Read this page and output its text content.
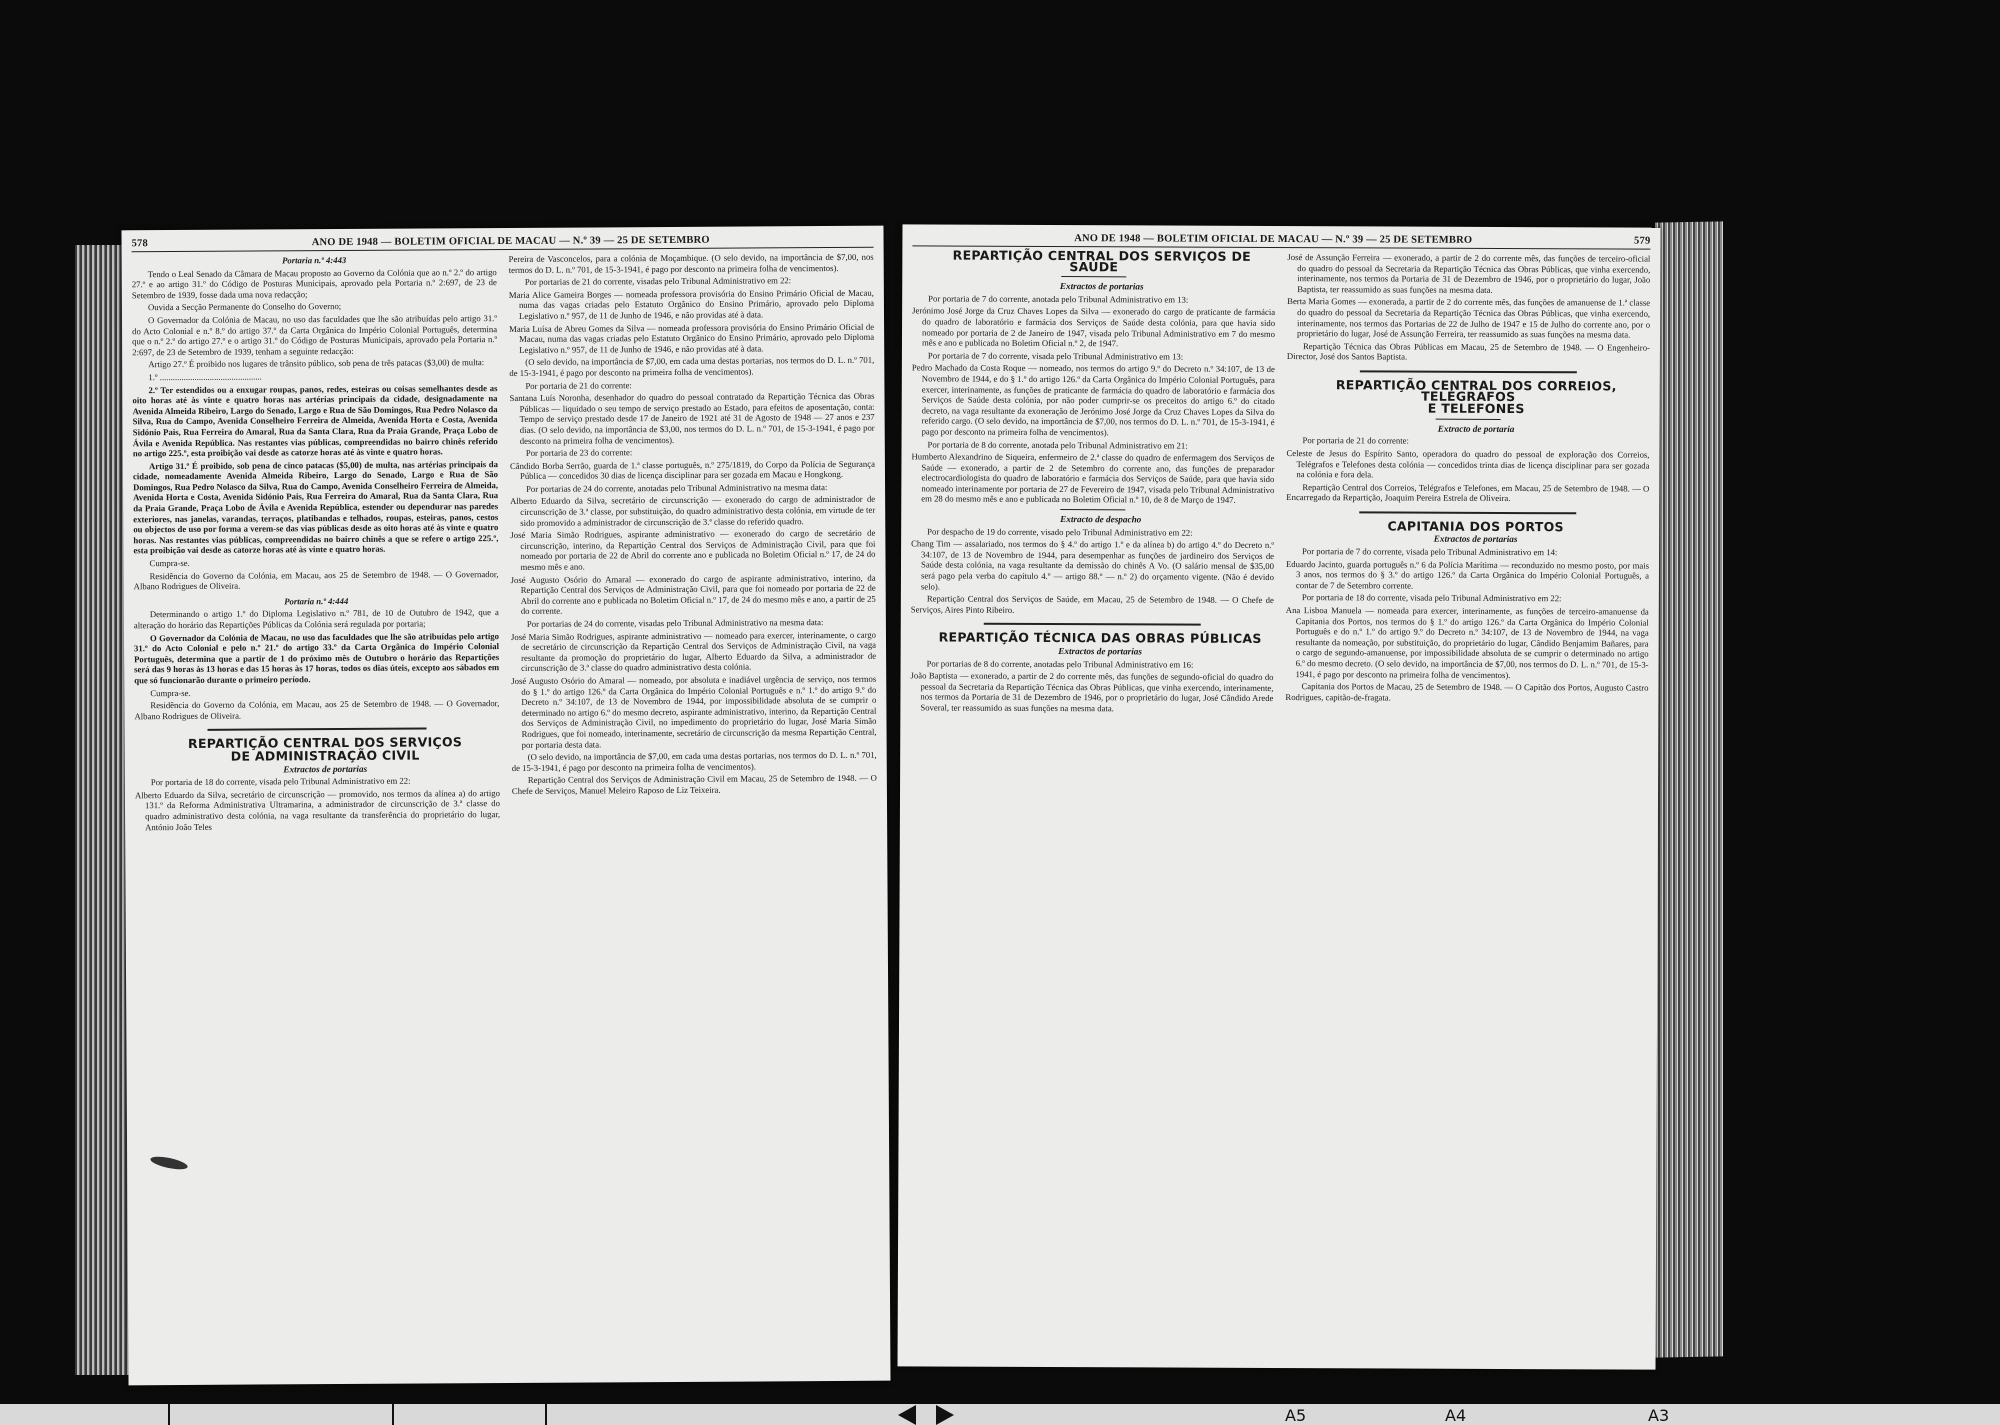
578	ANO DE 1948 — BOLETIM OFICIAL DE MACAU — N.º 39 — 25 DE SETEMBRO

Portaria n.º 4:443

Tendo o Leal Senado da Câmara de Macau proposto ao Governo da Colónia que ao n.º 2.º do artigo 27.º e ao artigo 31.º do Código de Posturas Municipais, aprovado pela Portaria n.º 2:697, de 23 de Setembro de 1939, fosse dada uma nova redacção;

Ouvida a Secção Permanente do Conselho do Governo;

O Governador da Colónia de Macau, no uso das faculdades que lhe são atribuídas pelo artigo 31.º do Acto Colonial e n.º 8.º do artigo 37.º da Carta Orgânica do Império Colonial Português, determina que o n.º 2.º do artigo 27.º e o artigo 31.º do Código de Posturas Municipais, aprovado pela Portaria n.º 2:697, de 23 de Setembro de 1939, tenham a seguinte redacção:

Artigo 27.º É proibido nos lugares de trânsito público, sob pena de três patacas ($3,00) de multa:

1.º ...............................................

2.º Ter estendidos ou a enxugar roupas, panos, redes, esteiras ou coisas semelhantes desde as oito horas até às vinte e quatro horas nas artérias principais da cidade, designadamente na Avenida Almeida Ribeiro, Largo do Senado, Largo e Rua de São Domingos, Rua Pedro Nolasco da Silva, Rua do Campo, Avenida Conselheiro Ferreira de Almeida, Avenida Horta e Costa, Avenida Sidónio Pais, Rua Ferreira do Amaral, Rua da Santa Clara, Rua da Praia Grande, Praça Lobo de Ávila e Avenida República. Nas restantes vias públicas, compreendidas no bairro chinês referido no artigo 225.º, esta proibição vai desde as catorze horas até às vinte e quatro horas.

Artigo 31.º É proibido, sob pena de cinco patacas ($5,00) de multa, nas artérias principais da cidade, nomeadamente Avenida Almeida Ribeiro, Largo do Senado, Largo e Rua de São Domingos, Rua Pedro Nolasco da Silva, Rua do Campo, Avenida Conselheiro Ferreira de Almeida, Avenida Horta e Costa, Avenida Sidónio Pais, Rua Ferreira do Amaral, Rua da Santa Clara, Rua da Praia Grande, Praça Lobo de Ávila e Avenida República, estender ou dependurar nas paredes exteriores, nas janelas, varandas, terraços, platibandas e telhados, roupas, esteiras, panos, cestos ou objectos de uso por forma a verem-se das vias públicas desde as oito horas até às vinte e quatro horas. Nas restantes vias públicas, compreendidas no bairro chinês a que se refere o artigo 225.º, esta proibição vai desde as catorze horas até às vinte e quatro horas.

Cumpra-se.

Residência do Governo da Colónia, em Macau, aos 25 de Setembro de 1948. — O Governador, Albano Rodrigues de Oliveira.

Portaria n.º 4:444

Determinando o artigo 1.º do Diploma Legislativo n.º 781, de 10 de Outubro de 1942, que a alteração do horário das Repartições Públicas da Colónia será regulada por portaria;

O Governador da Colónia de Macau, no uso das faculdades que lhe são atribuídas pelo artigo 31.º do Acto Colonial e pelo n.º 21.º do artigo 33.º da Carta Orgânica do Império Colonial Português, determina que a partir de 1 do próximo mês de Outubro o horário das Repartições será das 9 horas às 13 horas e das 15 horas às 17 horas, todos os dias úteis, excepto aos sábados em que só funcionarão durante o primeiro período.

Cumpra-se.

Residência do Governo da Colónia, em Macau, aos 25 de Setembro de 1948. — O Governador, Albano Rodrigues de Oliveira.

REPARTIÇÃO CENTRAL DOS SERVIÇOS

DE ADMINISTRAÇÃO CIVIL

Extractos de portarias

Por portaria de 18 do corrente, visada pelo Tribunal Administrativo em 22:

Alberto Eduardo da Silva, secretário de circunscrição — promovido, nos termos da alínea a) do artigo 131.º da Reforma Administrativa Ultramarina, a administrador de circunscrição de 3.ª classe do quadro administrativo desta colónia, na vaga resultante da transferência do proprietário do lugar, António João Teles

Pereira de Vasconcelos, para a colónia de Moçambique. (O selo devido, na importância de $7,00, nos termos do D. L. n.º 701, de 15-3-1941, é pago por desconto na primeira folha de vencimentos).

Por portarias de 21 do corrente, visadas pelo Tribunal Administrativo em 22:

Maria Alice Gameira Borges — nomeada professora provisória do Ensino Primário Oficial de Macau, numa das vagas criadas pelo Estatuto Orgânico do Ensino Primário, aprovado pelo Diploma Legislativo n.º 957, de 11 de Junho de 1946, e não providas até à data.

Maria Luísa de Abreu Gomes da Silva — nomeada professora provisória do Ensino Primário Oficial de Macau, numa das vagas criadas pelo Estatuto Orgânico do Ensino Primário, aprovado pelo Diploma Legislativo n.º 957, de 11 de Junho de 1946, e não providas até à data.

(O selo devido, na importância de $7,00, em cada uma destas portarias, nos termos do D. L. n.º 701, de 15-3-1941, é pago por desconto na primeira folha de vencimentos).

Por portaria de 21 do corrente:

Santana Luís Noronha, desenhador do quadro do pessoal contratado da Repartição Técnica das Obras Públicas — liquidado o seu tempo de serviço prestado ao Estado, para efeitos de aposentação, conta: Tempo de serviço prestado desde 17 de Janeiro de 1921 até 31 de Agosto de 1948 — 27 anos e 237 dias. (O selo devido, na importância de $3,00, nos termos do D. L. n.º 701, de 15-3-1941, é pago por desconto na primeira folha de vencimentos).

Por portaria de 23 do corrente:

Cândido Borba Serrão, guarda de 1.ª classe português, n.º 275/1819, do Corpo da Polícia de Segurança Pública — concedidos 30 dias de licença disciplinar para ser gozada em Macau e Hongkong.

Por portarias de 24 do corrente, anotadas pelo Tribunal Administrativo na mesma data:

Alberto Eduardo da Silva, secretário de circunscrição — exonerado do cargo de administrador de circunscrição de 3.ª classe, por substituição, do quadro administrativo desta colónia, em virtude de ter sido promovido a administrador de circunscrição de 3.ª classe do referido quadro.

José Maria Simão Rodrigues, aspirante administrativo — exonerado do cargo de secretário de circunscrição, interino, da Repartição Central dos Serviços de Administração Civil, para que foi nomeado por portaria de 22 de Abril do corrente ano e publicada no Boletim Oficial n.º 17, de 24 do mesmo mês e ano.

José Augusto Osório do Amaral — exonerado do cargo de aspirante administrativo, interino, da Repartição Central dos Serviços de Administração Civil, para que foi nomeado por portaria de 22 de Abril do corrente ano e publicada no Boletim Oficial n.º 17, de 24 do mesmo mês e ano, a partir de 25 do corrente.

Por portarias de 24 do corrente, visadas pelo Tribunal Administrativo na mesma data:

José Maria Simão Rodrigues, aspirante administrativo — nomeado para exercer, interinamente, o cargo de secretário de circunscrição da Repartição Central dos Serviços de Administração Civil, na vaga resultante da promoção do proprietário do lugar, Alberto Eduardo da Silva, a administrador de circunscrição de 3.ª classe do quadro administrativo desta colónia.

José Augusto Osório do Amaral — nomeado, por absoluta e inadiável urgência de serviço, nos termos do § 1.º do artigo 126.º da Carta Orgânica do Império Colonial Português e n.º 1.º do artigo 9.º do Decreto n.º 34:107, de 13 de Novembro de 1944, por impossibilidade absoluta de se cumprir o determinado no artigo 6.º do mesmo decreto, aspirante administrativo, interino, da Repartição Central dos Serviços de Administração Civil, no impedimento do proprietário do lugar, José Maria Simão Rodrigues, que foi nomeado, interinamente, secretário de circunscrição da mesma Repartição Central, por portaria desta data.

(O selo devido, na importância de $7,00, em cada uma destas portarias, nos termos do D. L. n.º 701, de 15-3-1941, é pago por desconto na primeira folha de vencimentos).

Repartição Central dos Serviços de Administração Civil em Macau, 25 de Setembro de 1948. — O Chefe de Serviços, Manuel Meleiro Raposo de Liz Teixeira.

ANO DE 1948 — BOLETIM OFICIAL DE MACAU — N.º 39 — 25 DE SETEMBRO	579

REPARTIÇÃO CENTRAL DOS SERVIÇOS DE SAÚDE

Extractos de portarias

Por portaria de 7 do corrente, anotada pelo Tribunal Administrativo em 13:

Jerónimo José Jorge da Cruz Chaves Lopes da Silva — exonerado do cargo de praticante de farmácia do quadro de laboratório e farmácia dos Serviços de Saúde desta colónia, para que havia sido nomeado por portaria de 2 de Janeiro de 1947, visada pelo Tribunal Administrativo em 7 do mesmo mês e ano e publicada no Boletim Oficial n.º 2, de 1947.

Por portaria de 7 do corrente, visada pelo Tribunal Administrativo em 13:

Pedro Machado da Costa Roque — nomeado, nos termos do artigo 9.º do Decreto n.º 34:107, de 13 de Novembro de 1944, e do § 1.º do artigo 126.º da Carta Orgânica do Império Colonial Português, para exercer, interinamente, as funções de praticante de farmácia do quadro de laboratório e farmácia dos Serviços de Saúde desta colónia, por não poder cumprir-se os preceitos do artigo 6.º do citado decreto, na vaga resultante da exoneração de Jerónimo José Jorge da Cruz Chaves Lopes da Silva do referido cargo. (O selo devido, na importância de $7,00, nos termos do D. L. n.º 701, de 15-3-1941, é pago por desconto na primeira folha de vencimentos).

Por portaria de 8 do corrente, anotada pelo Tribunal Administrativo em 21:

Humberto Alexandrino de Siqueira, enfermeiro de 2.ª classe do quadro de enfermagem dos Serviços de Saúde — exonerado, a partir de 2 de Setembro do corrente ano, das funções de preparador electrocardiologista do quadro de laboratório e farmácia dos Serviços de Saúde, para que havia sido nomeado interinamente por portaria de 27 de Fevereiro de 1947, visada pelo Tribunal Administrativo em 28 do mesmo mês e ano e publicada no Boletim Oficial n.º 10, de 8 de Março de 1947.

Extracto de despacho

Por despacho de 19 do corrente, visado pelo Tribunal Administrativo em 22:

Chang Tim — assalariado, nos termos do § 4.º do artigo 1.º e da alínea b) do artigo 4.º do Decreto n.º 34:107, de 13 de Novembro de 1944, para desempenhar as funções de jardineiro dos Serviços de Saúde desta colónia, na vaga resultante da demissão do chinês A Vo. (O salário mensal de $35,00 será pago pela verba do capítulo 4.º — artigo 88.º — n.º 2) do orçamento vigente. (Não é devido selo).

Repartição Central dos Serviços de Saúde, em Macau, 25 de Setembro de 1948. — O Chefe de Serviços, Aires Pinto Ribeiro.

REPARTIÇÃO TÉCNICA DAS OBRAS PÚBLICAS

Extractos de portarias

Por portarias de 8 do corrente, anotadas pelo Tribunal Administrativo em 16:

João Baptista — exonerado, a partir de 2 do corrente mês, das funções de segundo-oficial do quadro do pessoal da Secretaria da Repartição Técnica das Obras Públicas, que vinha exercendo, interinamente, nos termos da Portaria de 31 de Dezembro de 1946, por o proprietário do lugar, José Cândido Arede Soveral, ter reassumido as suas funções na mesma data.

José de Assunção Ferreira — exonerado, a partir de 2 do corrente mês, das funções de terceiro-oficial do quadro do pessoal da Secretaria da Repartição Técnica das Obras Públicas, que vinha exercendo, interinamente, nos termos da Portaria de 31 de Dezembro de 1946, por o proprietário do lugar, João Baptista, ter reassumido as suas funções na mesma data.

Berta Maria Gomes — exonerada, a partir de 2 do corrente mês, das funções de amanuense de 1.ª classe do quadro do pessoal da Secretaria da Repartição Técnica das Obras Públicas, que vinha exercendo, interinamente, nos termos das Portarias de 22 de Julho de 1947 e 15 de Julho do corrente ano, por o proprietário do lugar, José de Assunção Ferreira, ter reassumido as suas funções na mesma data.

Repartição Técnica das Obras Públicas em Macau, 25 de Setembro de 1948. — O Engenheiro-Director, José dos Santos Baptista.

REPARTIÇÃO CENTRAL DOS CORREIOS, TELÉGRAFOS

E TELEFONES

Extracto de portaria

Por portaria de 21 do corrente:

Celeste de Jesus do Espírito Santo, operadora do quadro do pessoal de exploração dos Correios, Telégrafos e Telefones desta colónia — concedidos trinta dias de licença disciplinar para ser gozada na colónia e fora dela.

Repartição Central dos Correios, Telégrafos e Telefones, em Macau, 25 de Setembro de 1948. — O Encarregado da Repartição, Joaquim Pereira Estrela de Oliveira.

CAPITANIA DOS PORTOS

Extractos de portarias

Por portaria de 7 do corrente, visada pelo Tribunal Administrativo em 14:

Eduardo Jacinto, guarda português n.º 6 da Polícia Marítima — reconduzido no mesmo posto, por mais 3 anos, nos termos do § 3.º do artigo 126.º da Carta Orgânica do Império Colonial Português, a contar de 7 de Setembro corrente.

Por portaria de 18 do corrente, visada pelo Tribunal Administrativo em 22:

Ana Lisboa Manuela — nomeada para exercer, interinamente, as funções de terceiro-amanuense da Capitania dos Portos, nos termos do § 1.º do artigo 126.º da Carta Orgânica do Império Colonial Português e do n.º 1.º do artigo 9.º do Decreto n.º 34:107, de 13 de Novembro de 1944, na vaga resultante da nomeação, por substituição, do proprietário do lugar, Cândido Benjamim Bañares, para o cargo de segundo-amanuense, por impossibilidade absoluta de se cumprir o determinado no artigo 6.º do mesmo decreto. (O selo devido, na importância de $7,00, nos termos do D. L. n.º 701, de 15-3-1941, é pago por desconto na primeira folha de vencimentos).

Capitania dos Portos de Macau, 25 de Setembro de 1948. — O Capitão dos Portos, Augusto Castro Rodrigues, capitão-de-fragata.

A5	A4	A3
